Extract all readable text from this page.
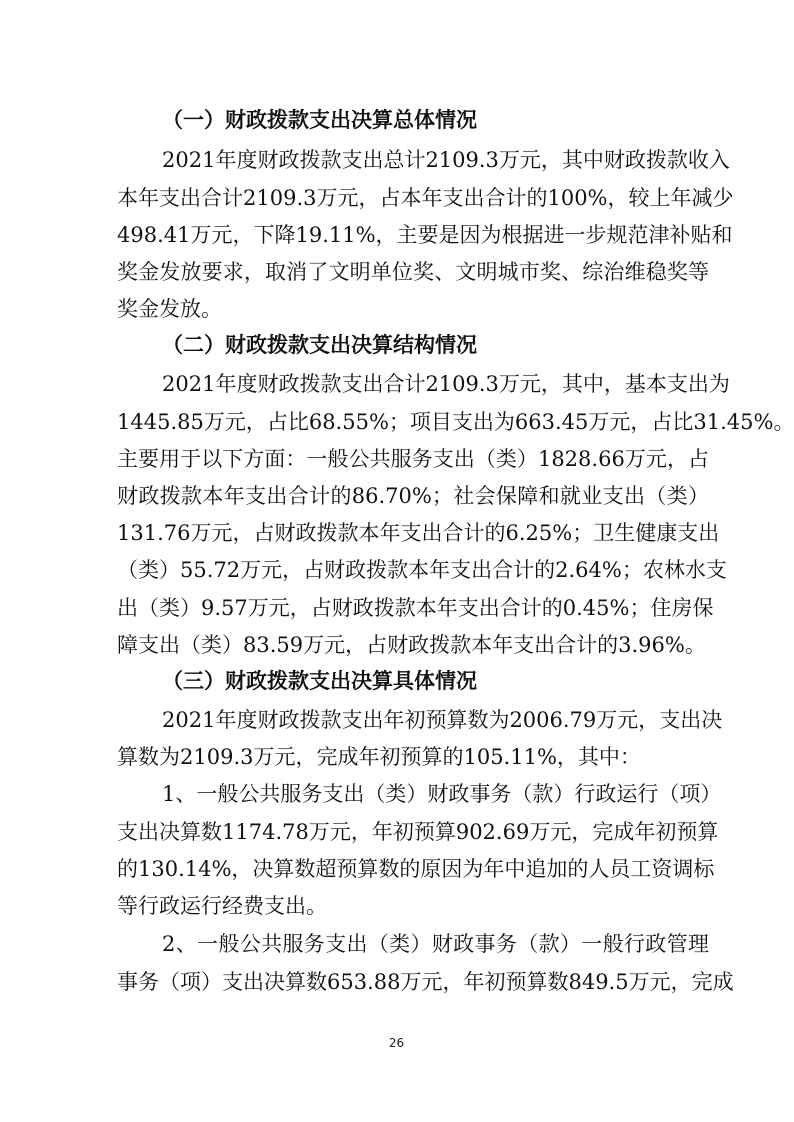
（一）财政拨款支出决算总体情况
2021年度财政拨款支出总计2109.3万元，其中财政拨款收入
本年支出合计2109.3万元，占本年支出合计的100%，较上年减少
498.41万元，下降19.11%，主要是因为根据进一步规范津补贴和
奖金发放要求，取消了文明单位奖、文明城市奖、综治维稳奖等
奖金发放。
（二）财政拨款支出决算结构情况
2021年度财政拨款支出合计2109.3万元，其中，基本支出为
1445.85万元，占比68.55%；项目支出为663.45万元，占比31.45%。
主要用于以下方面：一般公共服务支出（类）1828.66万元，占
财政拨款本年支出合计的86.70%；社会保障和就业支出（类）
131.76万元，占财政拨款本年支出合计的6.25%；卫生健康支出
（类）55.72万元，占财政拨款本年支出合计的2.64%；农林水支
出（类）9.57万元，占财政拨款本年支出合计的0.45%；住房保
障支出（类）83.59万元，占财政拨款本年支出合计的3.96%。
（三）财政拨款支出决算具体情况
2021年度财政拨款支出年初预算数为2006.79万元，支出决
算数为2109.3万元，完成年初预算的105.11%，其中：
1、一般公共服务支出（类）财政事务（款）行政运行（项）
支出决算数1174.78万元，年初预算902.69万元，完成年初预算
的130.14%，决算数超预算数的原因为年中追加的人员工资调标
等行政运行经费支出。
2、一般公共服务支出（类）财政事务（款）一般行政管理
事务（项）支出决算数653.88万元，年初预算数849.5万元，完成
26
